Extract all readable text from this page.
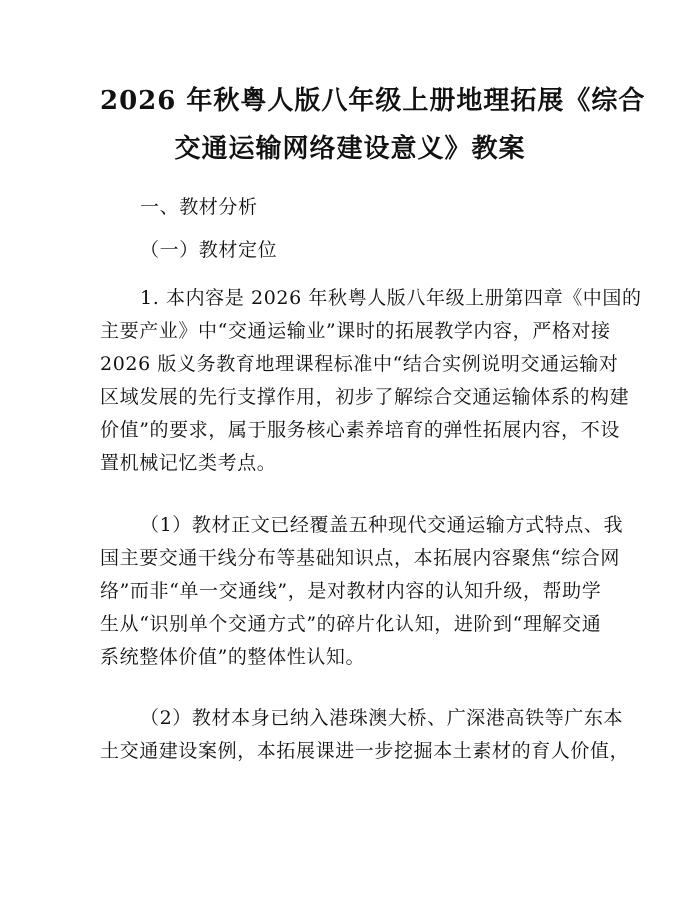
2026 年秋粤人版八年级上册地理拓展《综合
交通运输网络建设意义》教案
一、教材分析
（一）教材定位
1. 本内容是 2026 年秋粤人版八年级上册第四章《中国的
主要产业》中“交通运输业”课时的拓展教学内容，严格对接
2026 版义务教育地理课程标准中“结合实例说明交通运输对
区域发展的先行支撑作用，初步了解综合交通运输体系的构建
价值”的要求，属于服务核心素养培育的弹性拓展内容，不设
置机械记忆类考点。
（1）教材正文已经覆盖五种现代交通运输方式特点、我
国主要交通干线分布等基础知识点，本拓展内容聚焦“综合网
络”而非“单一交通线”，是对教材内容的认知升级，帮助学
生从“识别单个交通方式”的碎片化认知，进阶到“理解交通
系统整体价值”的整体性认知。
（2）教材本身已纳入港珠澳大桥、广深港高铁等广东本
土交通建设案例，本拓展课进一步挖掘本土素材的育人价值，
